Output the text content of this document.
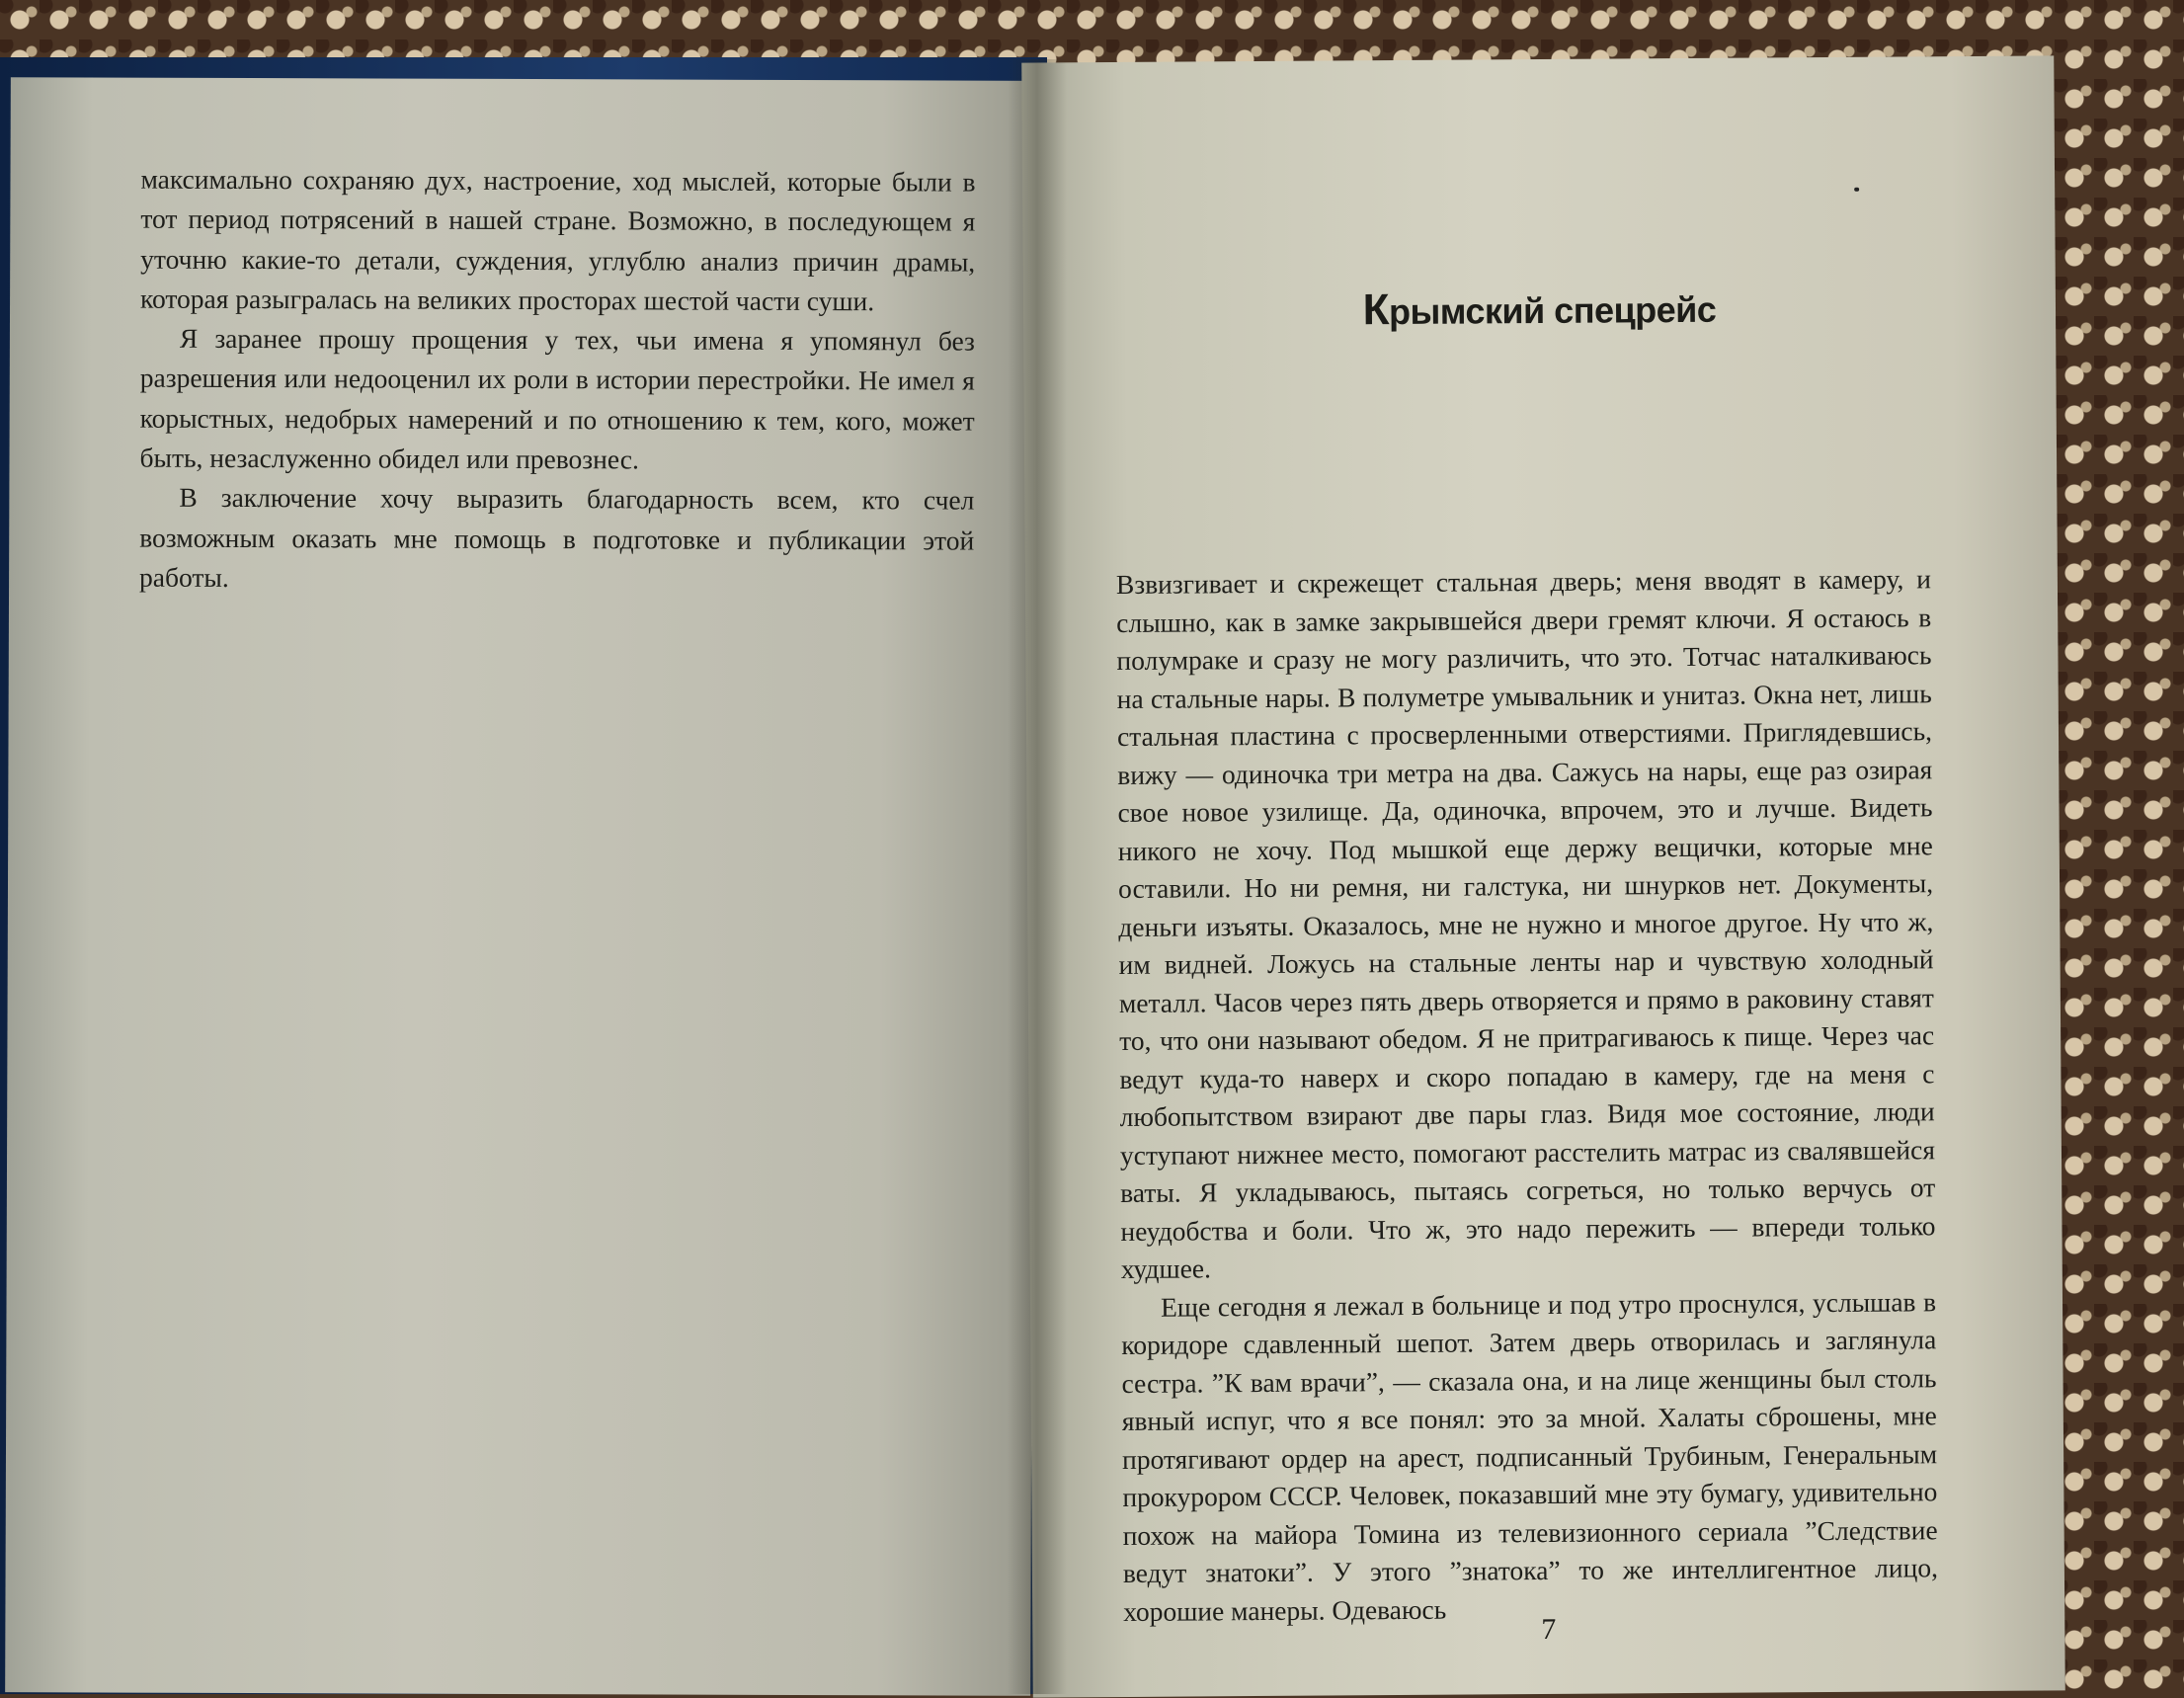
максимально сохраняю дух, настроение, ход мыслей, которые были в тот период потрясений в нашей стране. Возможно, в последующем я уточню какие-то детали, суждения, углублю анализ причин драмы, которая разыгралась на великих просторах шестой части суши.

Я заранее прошу прощения у тех, чьи имена я упомянул без разрешения или недооценил их роли в истории перестройки. Не имел я корыстных, недобрых намерений и по отношению к тем, кого, может быть, незаслуженно обидел или превознес.

В заключение хочу выразить благодарность всем, кто счел возможным оказать мне помощь в подготовке и публикации этой работы.

Крымский спецрейс

Взвизгивает и скрежещет стальная дверь; меня вводят в камеру, и слышно, как в замке закрывшейся двери гремят ключи. Я остаюсь в полумраке и сразу не могу различить, что это. Тотчас наталкиваюсь на стальные нары. В полуметре умывальник и унитаз. Окна нет, лишь стальная пластина с просверленными отверстиями. Приглядевшись, вижу — одиночка три метра на два. Сажусь на нары, еще раз озирая свое новое узилище. Да, одиночка, впрочем, это и лучше. Видеть никого не хочу. Под мышкой еще держу вещички, которые мне оставили. Но ни ремня, ни галстука, ни шнурков нет. Документы, деньги изъяты. Оказалось, мне не нужно и многое другое. Ну что ж, им видней. Ложусь на стальные ленты нар и чувствую холодный металл. Часов через пять дверь отворяется и прямо в раковину ставят то, что они называют обедом. Я не притрагиваюсь к пище. Через час ведут куда-то наверх и скоро попадаю в камеру, где на меня с любопытством взирают две пары глаз. Видя мое состояние, люди уступают нижнее место, помогают расстелить матрас из свалявшейся ваты. Я укладываюсь, пытаясь согреться, но только верчусь от неудобства и боли. Что ж, это надо пережить — впереди только худшее.

Еще сегодня я лежал в больнице и под утро проснулся, услышав в коридоре сдавленный шепот. Затем дверь отворилась и заглянула сестра. ”К вам врачи”, — сказала она, и на лице женщины был столь явный испуг, что я все понял: это за мной. Халаты сброшены, мне протягивают ордер на арест, подписанный Трубиным, Генеральным прокурором СССР. Человек, показавший мне эту бумагу, удивительно похож на майора Томина из телевизионного сериала ”Следствие ведут знатоки”. У этого ”знатока” то же интеллигентное лицо, хорошие манеры. Одеваюсь

7
